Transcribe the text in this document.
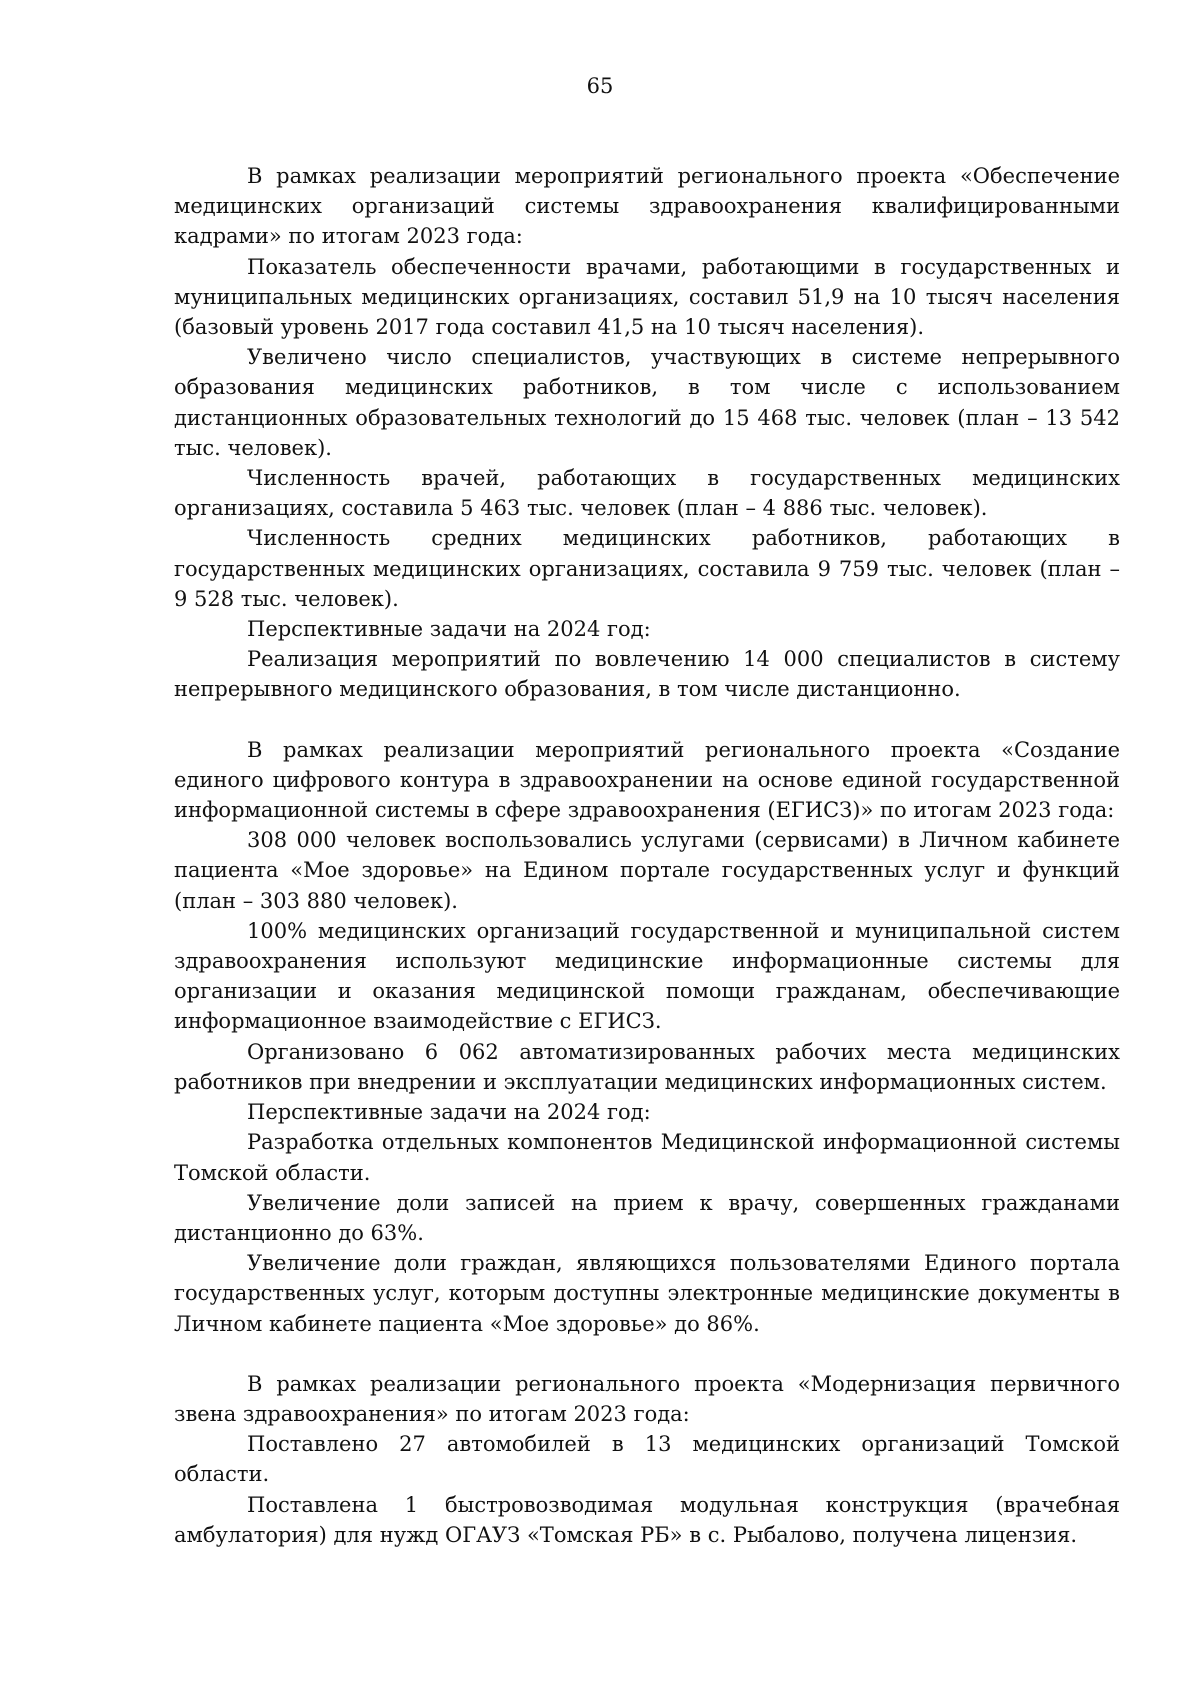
65

В рамках реализации мероприятий регионального проекта «Обеспечение медицинских организаций системы здравоохранения квалифицированными кадрами» по итогам 2023 года:

Показатель обеспеченности врачами, работающими в государственных и муниципальных медицинских организациях, составил 51,9 на 10 тысяч населения (базовый уровень 2017 года составил 41,5 на 10 тысяч населения).

Увеличено число специалистов, участвующих в системе непрерывного образования медицинских работников, в том числе с использованием дистанционных образовательных технологий до 15 468 тыс. человек (план – 13 542 тыс. человек).

Численность врачей, работающих в государственных медицинских организациях, составила 5 463 тыс. человек (план – 4 886 тыс. человек).

Численность средних медицинских работников, работающих в государственных медицинских организациях, составила 9 759 тыс. человек (план – 9 528 тыс. человек).

Перспективные задачи на 2024 год:

Реализация мероприятий по вовлечению 14 000 специалистов в систему непрерывного медицинского образования, в том числе дистанционно.

В рамках реализации мероприятий регионального проекта «Создание единого цифрового контура в здравоохранении на основе единой государственной информационной системы в сфере здравоохранения (ЕГИСЗ)» по итогам 2023 года:

308 000 человек воспользовались услугами (сервисами) в Личном кабинете пациента «Мое здоровье» на Едином портале государственных услуг и функций (план – 303 880 человек).

100% медицинских организаций государственной и муниципальной систем здравоохранения используют медицинские информационные системы для организации и оказания медицинской помощи гражданам, обеспечивающие информационное взаимодействие с ЕГИСЗ.

Организовано 6 062 автоматизированных рабочих места медицинских работников при внедрении и эксплуатации медицинских информационных систем.

Перспективные задачи на 2024 год:

Разработка отдельных компонентов Медицинской информационной системы Томской области.

Увеличение доли записей на прием к врачу, совершенных гражданами дистанционно до 63%.

Увеличение доли граждан, являющихся пользователями Единого портала государственных услуг, которым доступны электронные медицинские документы в Личном кабинете пациента «Мое здоровье» до 86%.

В рамках реализации регионального проекта «Модернизация первичного звена здравоохранения» по итогам 2023 года:

Поставлено 27 автомобилей в 13 медицинских организаций Томской области.

Поставлена 1 быстровозводимая модульная конструкция (врачебная амбулатория) для нужд ОГАУЗ «Томская РБ» в с. Рыбалово, получена лицензия.
